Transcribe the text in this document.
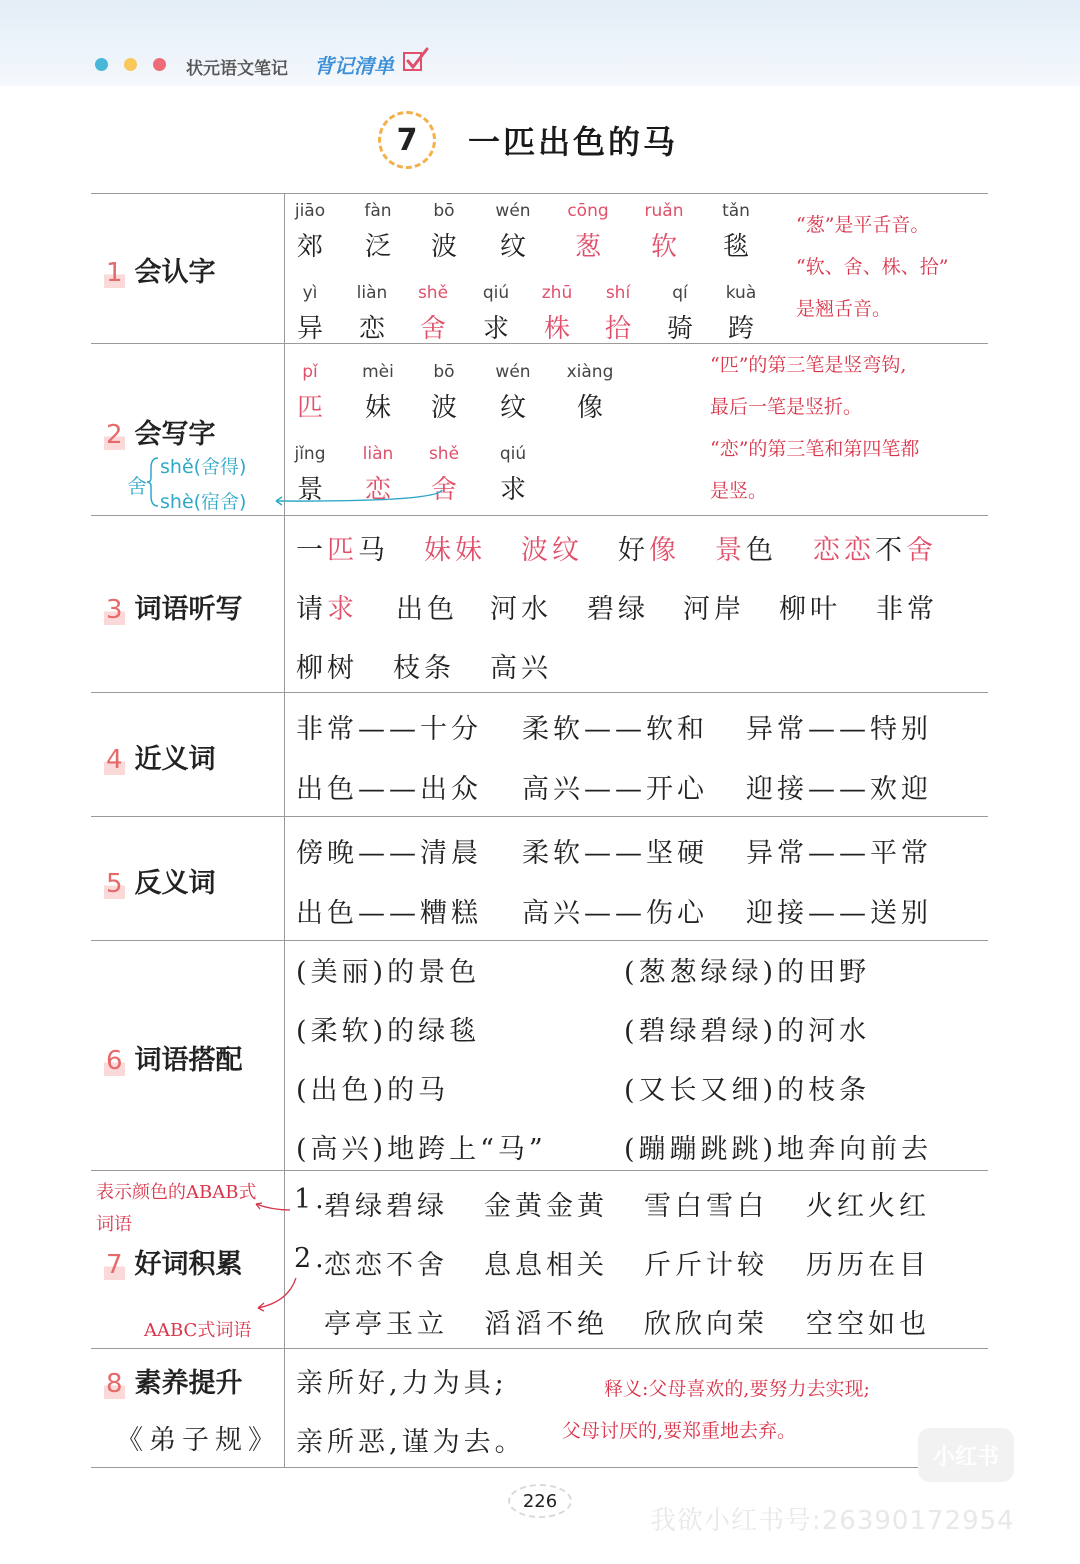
状元语文笔记 背记清单
7	一匹出色的马
1 会认字
2 会写字
3 词语听写
4 近义词
5 反义词
6 词语搭配
7 好词积累
8 素养提升
《弟子规》
jiāo
郊
fàn
泛
bō
波
wén
纹
cōng
葱
ruǎn
软
tǎn
毯
yì
异
liàn
恋
shě
舍
qiú
求
zhū
株
shí
拾
qí
骑
kuà
跨
“葱”是平舌音。
“软、舍、株、拾”
是翘舌音。
pǐ
匹
mèi
妹
bō
波
wén
纹
xiàng
像
jǐng
景
liàn
恋
shě
舍
qiú
求
“匹”的第三笔是竖弯钩,
最后一笔是竖折。
“恋”的第三笔和第四笔都
是竖。
舍
shě(舍得)
shè(宿舍)
一匹马 妹妹 波纹 好像 景色 恋恋不舍
请求 出色 河水 碧绿 河岸 柳叶 非常
柳树 枝条 高兴
非常——十分 柔软——软和 异常——特别
出色——出众 高兴——开心 迎接——欢迎
傍晚——清晨 柔软——坚硬 异常——平常
出色——糟糕 高兴——伤心 迎接——送别
(美丽)的景色
(柔软)的绿毯
(出色)的马
(高兴)地跨上“马”
(葱葱绿绿)的田野
(碧绿碧绿)的河水
(又长又细)的枝条
(蹦蹦跳跳)地奔向前去
表示颜色的ABAB式
词语
AABC式词语
1.
2.
碧绿碧绿 金黄金黄 雪白雪白 火红火红
恋恋不舍 息息相关 斤斤计较 历历在目
亭亭玉立 滔滔不绝 欣欣向荣 空空如也
亲所好,力为具;
亲所恶,谨为去。
释义:父母喜欢的,要努力去实现;
父母讨厌的,要郑重地去弃。
226
小红书
我欲小红书号:26390172954
